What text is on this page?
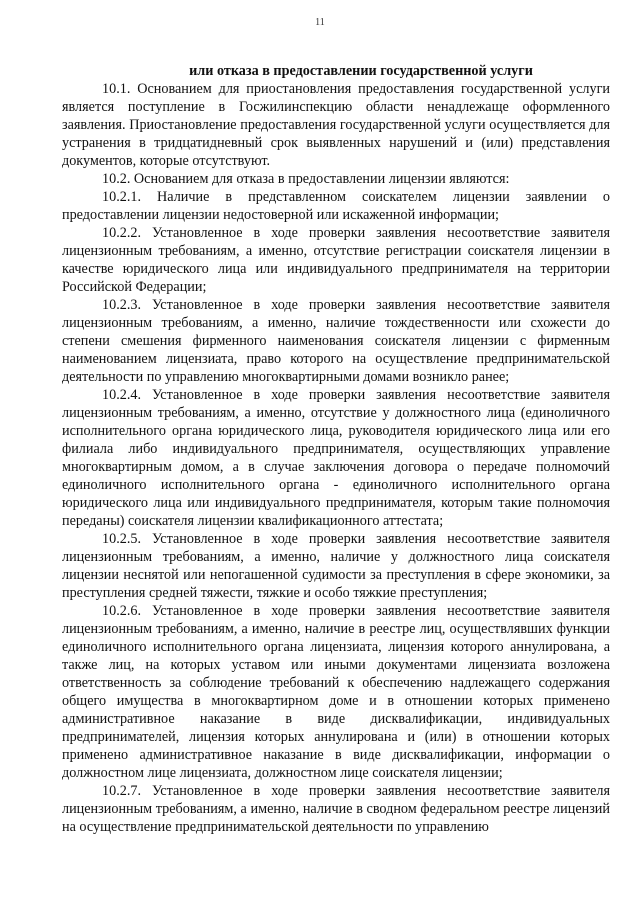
11

или отказа в предоставлении государственной услуги

10.1. Основанием для приостановления предоставления государственной услуги является поступление в Госжилинспекцию области ненадлежаще оформленного заявления. Приостановление предоставления государственной услуги осуществляется для устранения в тридцатидневный срок выявленных нарушений и (или) представления документов, которые отсутствуют.

10.2. Основанием для отказа в предоставлении лицензии являются:

10.2.1. Наличие в представленном соискателем лицензии заявлении о предоставлении лицензии недостоверной или искаженной информации;

10.2.2. Установленное в ходе проверки заявления несоответствие заявителя лицензионным требованиям, а именно, отсутствие регистрации соискателя лицензии в качестве юридического лица или индивидуального предпринимателя на территории Российской Федерации;

10.2.3. Установленное в ходе проверки заявления несоответствие заявителя лицензионным требованиям, а именно, наличие тождественности или схожести до степени смешения фирменного наименования соискателя лицензии с фирменным наименованием лицензиата, право которого на осуществление предпринимательской деятельности по управлению многоквартирными домами возникло ранее;

10.2.4. Установленное в ходе проверки заявления несоответствие заявителя лицензионным требованиям, а именно, отсутствие у должностного лица (единоличного исполнительного органа юридического лица, руководителя юридического лица или его филиала либо индивидуального предпринимателя, осуществляющих управление многоквартирным домом, а в случае заключения договора о передаче полномочий единоличного исполнительного органа - единоличного исполнительного органа юридического лица или индивидуального предпринимателя, которым такие полномочия переданы) соискателя лицензии квалификационного аттестата;

10.2.5. Установленное в ходе проверки заявления несоответствие заявителя лицензионным требованиям, а именно, наличие у должностного лица соискателя лицензии неснятой или непогашенной судимости за преступления в сфере экономики, за преступления средней тяжести, тяжкие и особо тяжкие преступления;

10.2.6. Установленное в ходе проверки заявления несоответствие заявителя лицензионным требованиям, а именно, наличие в реестре лиц, осуществлявших функции единоличного исполнительного органа лицензиата, лицензия которого аннулирована, а также лиц, на которых уставом или иными документами лицензиата возложена ответственность за соблюдение требований к обеспечению надлежащего содержания общего имущества в многоквартирном доме и в отношении которых применено административное наказание в виде дисквалификации, индивидуальных предпринимателей, лицензия которых аннулирована и (или) в отношении которых применено административное наказание в виде дисквалификации, информации о должностном лице лицензиата, должностном лице соискателя лицензии;

10.2.7. Установленное в ходе проверки заявления несоответствие заявителя лицензионным требованиям, а именно, наличие в сводном федеральном реестре лицензий на осуществление предпринимательской деятельности по управлению
